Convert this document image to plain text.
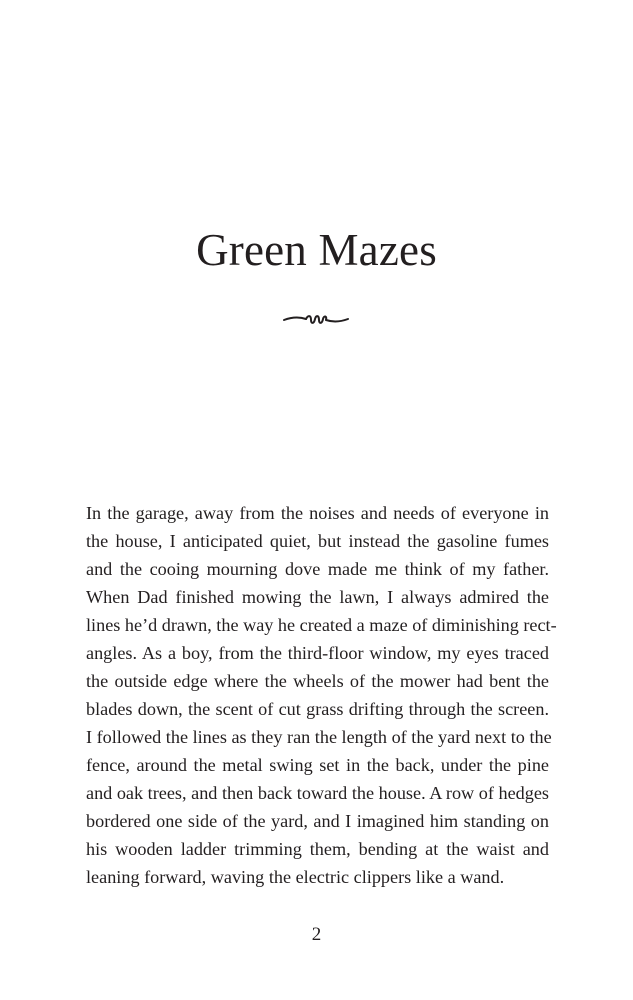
Green Mazes
In the garage, away from the noises and needs of everyone in
the house, I anticipated quiet, but instead the gasoline fumes
and the cooing mourning dove made me think of my father.
When Dad finished mowing the lawn, I always admired the
lines he’d drawn, the way he created a maze of diminishing rect-
angles. As a boy, from the third-floor window, my eyes traced
the outside edge where the wheels of the mower had bent the
blades down, the scent of cut grass drifting through the screen.
I followed the lines as they ran the length of the yard next to the
fence, around the metal swing set in the back, under the pine
and oak trees, and then back toward the house. A row of hedges
bordered one side of the yard, and I imagined him standing on
his wooden ladder trimming them, bending at the waist and
leaning forward, waving the electric clippers like a wand.
2
